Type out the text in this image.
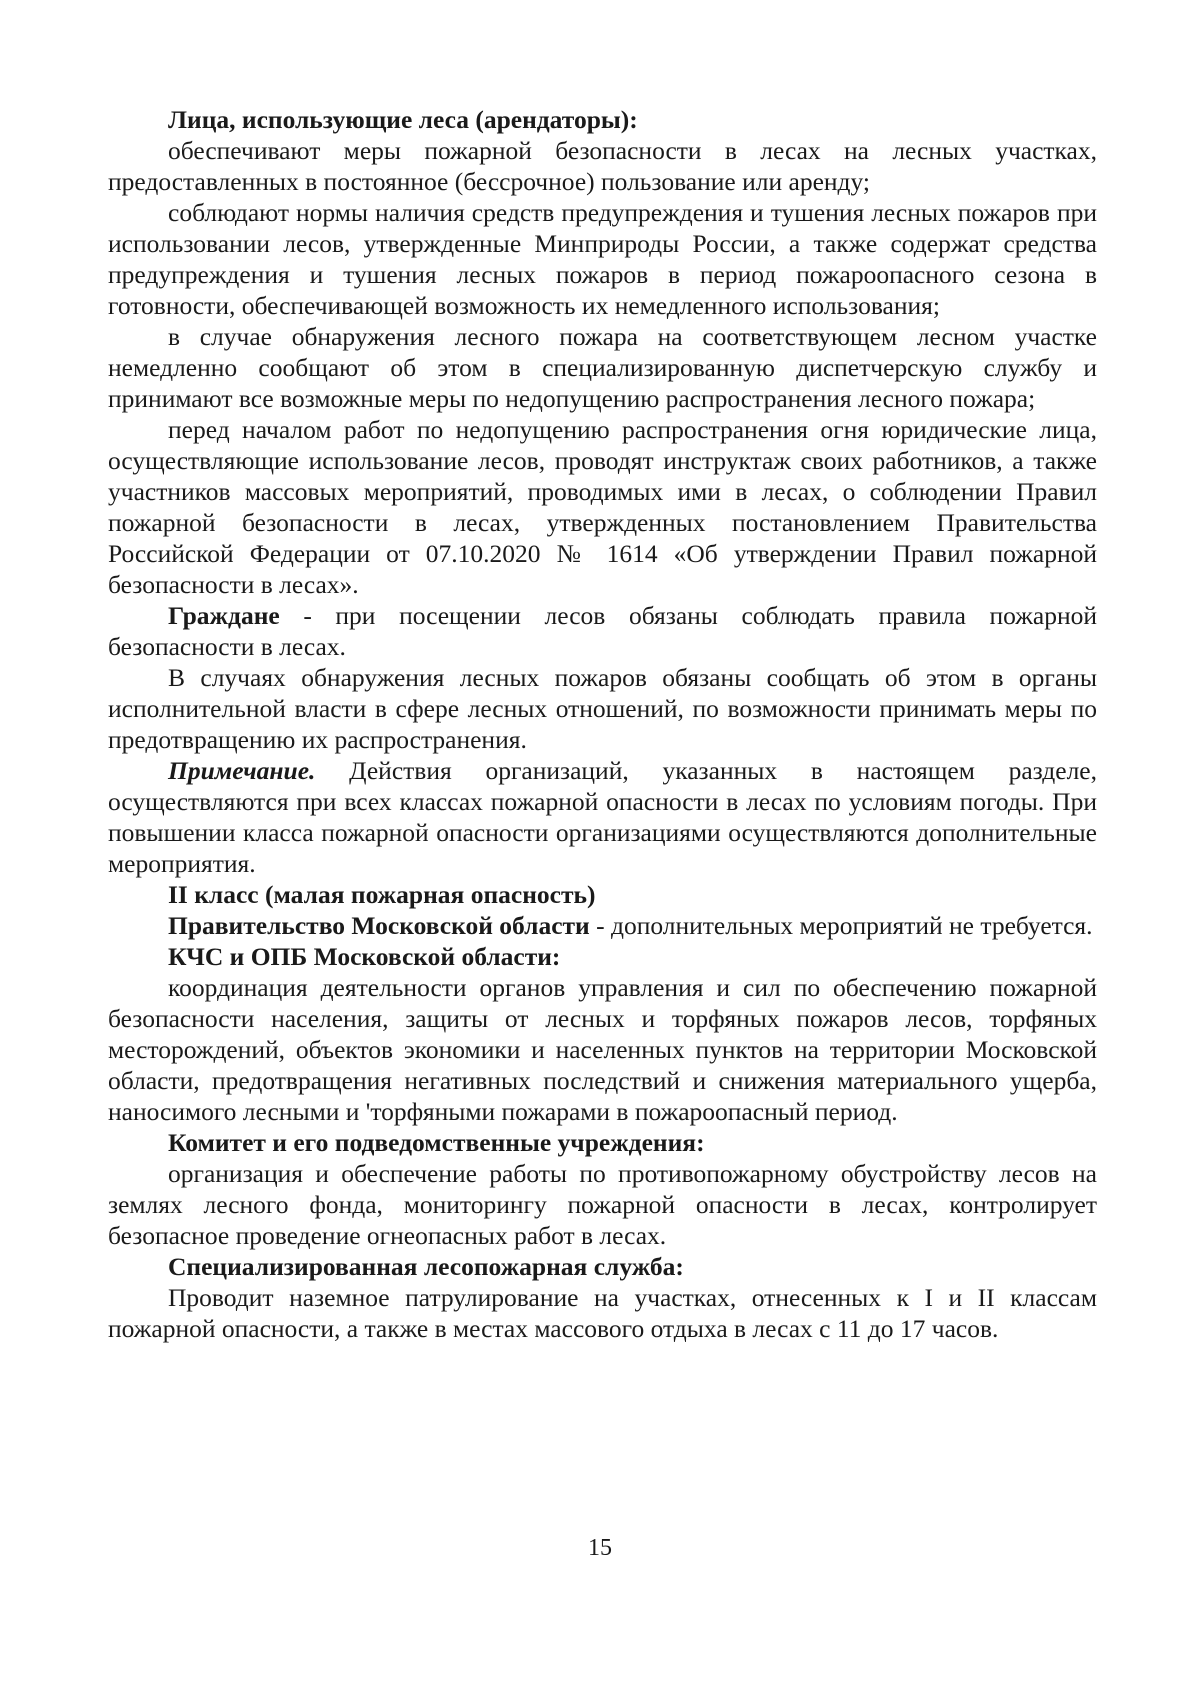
Лица, использующие леса (арендаторы):

обеспечивают меры пожарной безопасности в лесах на лесных участках, предоставленных в постоянное (бессрочное) пользование или аренду;

соблюдают нормы наличия средств предупреждения и тушения лесных пожаров при использовании лесов, утвержденные Минприроды России, а также содержат средства предупреждения и тушения лесных пожаров в период пожароопасного сезона в готовности, обеспечивающей возможность их немедленного использования;

в случае обнаружения лесного пожара на соответствующем лесном участке немедленно сообщают об этом в специализированную диспетчерскую службу и принимают все возможные меры по недопущению распространения лесного пожара;

перед началом работ по недопущению распространения огня юридические лица, осуществляющие использование лесов, проводят инструктаж своих работников, а также участников массовых мероприятий, проводимых ими в лесах, о соблюдении Правил пожарной безопасности в лесах, утвержденных постановлением Правительства Российской Федерации от 07.10.2020 № 1614 «Об утверждении Правил пожарной безопасности в лесах».

Граждане - при посещении лесов обязаны соблюдать правила пожарной безопасности в лесах.

В случаях обнаружения лесных пожаров обязаны сообщать об этом в органы исполнительной власти в сфере лесных отношений, по возможности принимать меры по предотвращению их распространения.

Примечание. Действия организаций, указанных в настоящем разделе, осуществляются при всех классах пожарной опасности в лесах по условиям погоды. При повышении класса пожарной опасности организациями осуществляются дополнительные мероприятия.

II класс (малая пожарная опасность)

Правительство Московской области - дополнительных мероприятий не требуется.

КЧС и ОПБ Московской области:

координация деятельности органов управления и сил по обеспечению пожарной безопасности населения, защиты от лесных и торфяных пожаров лесов, торфяных месторождений, объектов экономики и населенных пунктов на территории Московской области, предотвращения негативных последствий и снижения материального ущерба, наносимого лесными и 'торфяными пожарами в пожароопасный период.

Комитет и его подведомственные учреждения:

организация и обеспечение работы по противопожарному обустройству лесов на землях лесного фонда, мониторингу пожарной опасности в лесах, контролирует безопасное проведение огнеопасных работ в лесах.

Специализированная лесопожарная служба:

Проводит наземное патрулирование на участках, отнесенных к I и II классам пожарной опасности, а также в местах массового отдыха в лесах с 11 до 17 часов.

15
